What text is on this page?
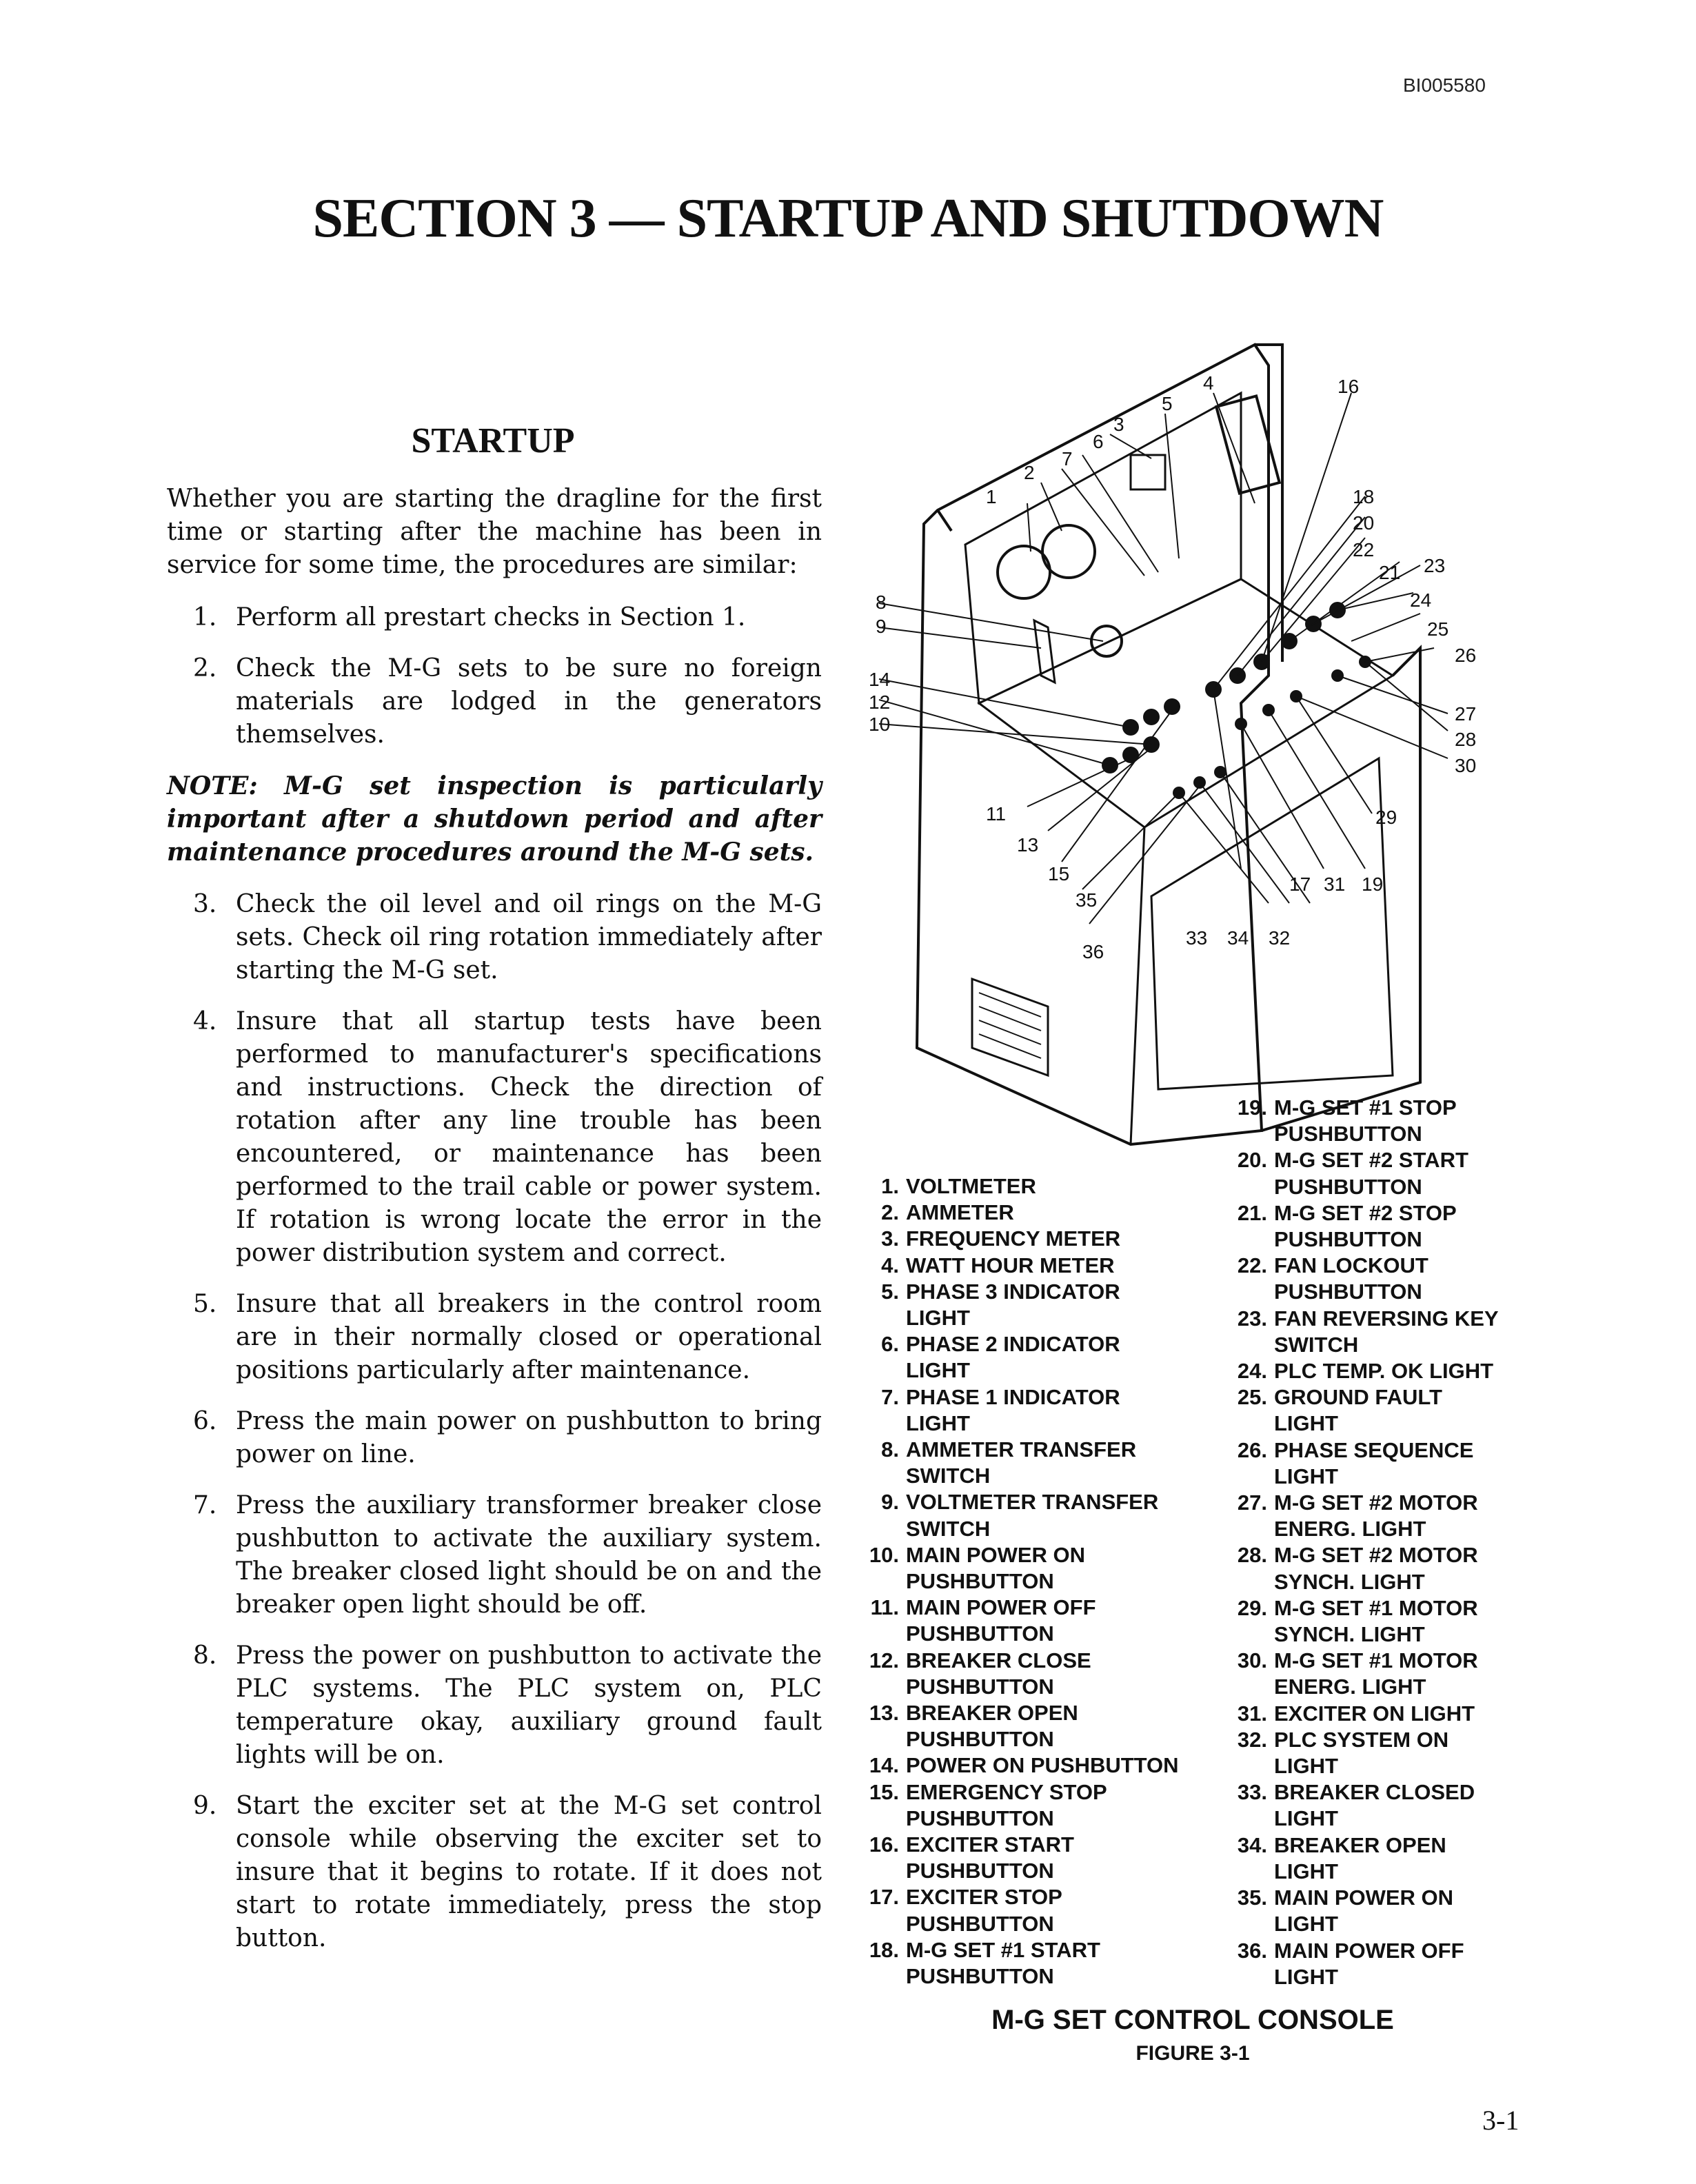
BI005580
SECTION 3 — STARTUP AND SHUTDOWN
STARTUP

Whether you are starting the dragline for the first time or starting after the machine has been in service for some time, the procedures are similar:

1. Perform all prestart checks in Section 1.
2. Check the M-G sets to be sure no foreign materials are lodged in the generators themselves.

NOTE: M-G set inspection is particularly important after a shutdown period and after maintenance procedures around the M-G sets.

3. Check the oil level and oil rings on the M-G sets. Check oil ring rotation immediately after starting the M-G set.
4. Insure that all startup tests have been performed to manufacturer's specifications and instructions. Check the direction of rotation after any line trouble has been encountered, or maintenance has been performed to the trail cable or power system. If rotation is wrong locate the error in the power distribution system and correct.
5. Insure that all breakers in the control room are in their normally closed or operational positions particularly after maintenance.
6. Press the main power on pushbutton to bring power on line.
7. Press the auxiliary transformer breaker close pushbutton to activate the auxiliary system. The breaker closed light should be on and the breaker open light should be off.
8. Press the power on pushbutton to activate the PLC systems. The PLC system on, PLC temperature okay, auxiliary ground fault lights will be on.
9. Start the exciter set at the M-G set control console while observing the exciter set to insure that it begins to rotate. If it does not start to rotate immediately, press the stop button.
1
2
3
4
5
6
7
8
9
10
11
12
13
14
15
16
17
18
19
20
21
22
23
24
25
26
27
28
29
30
31
32
33 34
35
36
1. VOLTMETER
2. AMMETER
3. FREQUENCY METER
4. WATT HOUR METER
5. PHASE 3 INDICATOR
LIGHT
6. PHASE 2 INDICATOR
LIGHT
7. PHASE 1 INDICATOR
LIGHT
8. AMMETER TRANSFER
SWITCH
9. VOLTMETER TRANSFER
SWITCH
10. MAIN POWER ON
PUSHBUTTON
11. MAIN POWER OFF
PUSHBUTTON
12. BREAKER CLOSE
PUSHBUTTON
13. BREAKER OPEN
PUSHBUTTON
14. POWER ON PUSHBUTTON
15. EMERGENCY STOP
PUSHBUTTON
16. EXCITER START
PUSHBUTTON
17. EXCITER STOP
PUSHBUTTON
18. M-G SET #1 START
PUSHBUTTON
19. M-G SET #1 STOP
PUSHBUTTON
20. M-G SET #2 START
PUSHBUTTON
21. M-G SET #2 STOP
PUSHBUTTON
22. FAN LOCKOUT
PUSHBUTTON
23. FAN REVERSING KEY
SWITCH
24. PLC TEMP. OK LIGHT
25. GROUND FAULT
LIGHT
26. PHASE SEQUENCE
LIGHT
27. M-G SET #2 MOTOR
ENERG. LIGHT
28. M-G SET #2 MOTOR
SYNCH. LIGHT
29. M-G SET #1 MOTOR
SYNCH. LIGHT
30. M-G SET #1 MOTOR
ENERG. LIGHT
31. EXCITER ON LIGHT
32. PLC SYSTEM ON
LIGHT
33. BREAKER CLOSED
LIGHT
34. BREAKER OPEN
LIGHT
35. MAIN POWER ON
LIGHT
36. MAIN POWER OFF
LIGHT
M-G SET CONTROL CONSOLE
FIGURE 3-1
3-1
